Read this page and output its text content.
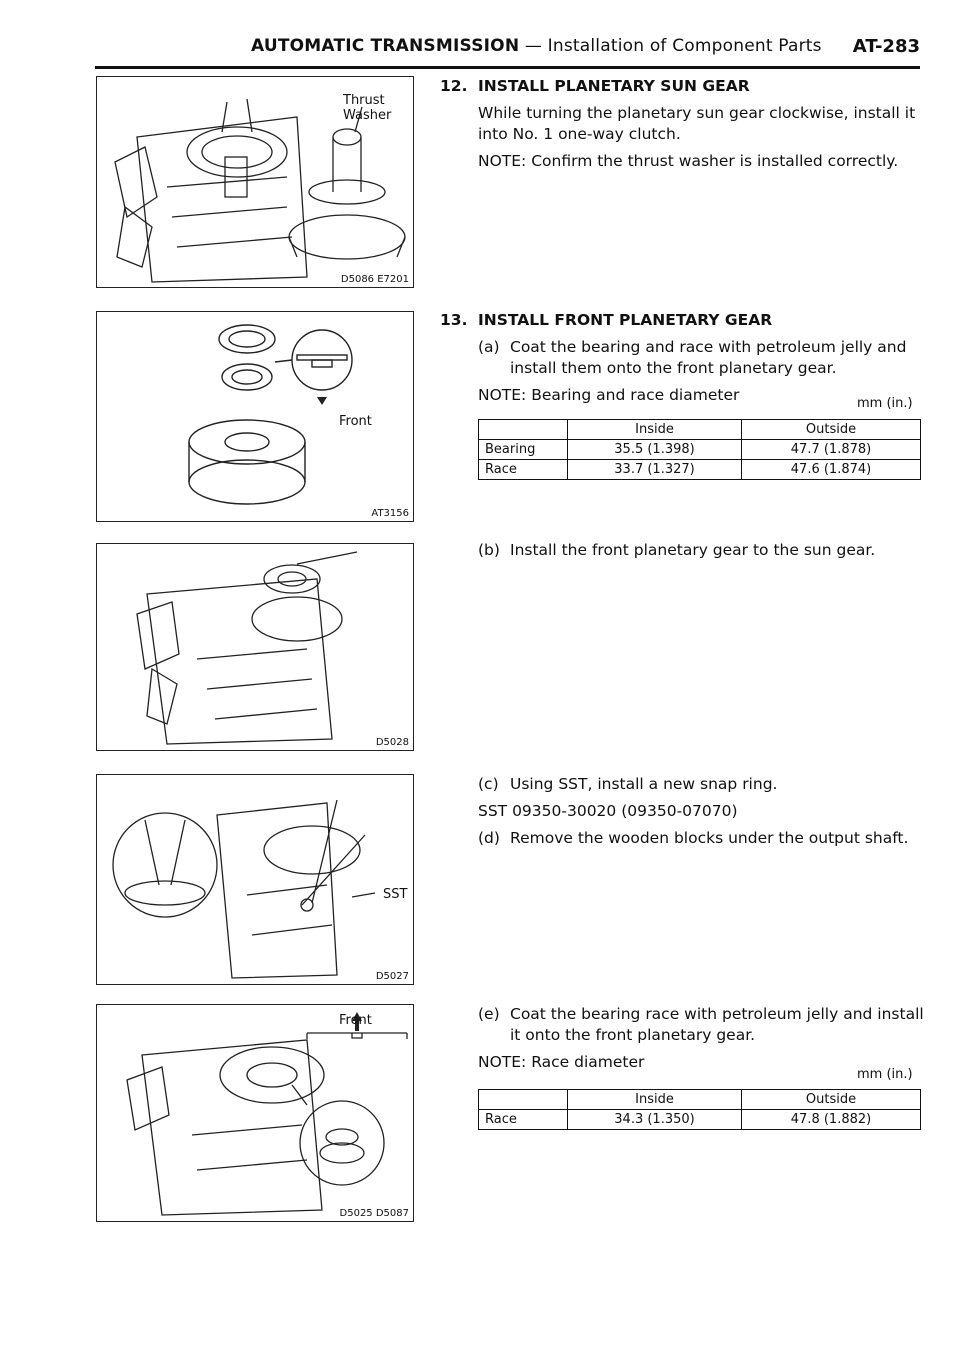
AUTOMATIC TRANSMISSION — Installation of Component Parts AT-283
Thrust
Washer
D5086 E7201
Front
AT3156
D5028
SST
D5027
Front
D5025 D5087
12. INSTALL PLANETARY SUN GEAR
While turning the planetary sun gear clockwise, install it into No. 1 one-way clutch.
NOTE: Confirm the thrust washer is installed correctly.
13. INSTALL FRONT PLANETARY GEAR
(a) Coat the bearing and race with petroleum jelly and install them onto the front planetary gear.
NOTE: Bearing and race diameter	mm (in.)
	Inside	Outside
Bearing	35.5 (1.398)	47.7 (1.878)
Race	33.7 (1.327)	47.6 (1.874)
(b) Install the front planetary gear to the sun gear.
(c) Using SST, install a new snap ring.
SST 09350-30020 (09350-07070)
(d) Remove the wooden blocks under the output shaft.
(e) Coat the bearing race with petroleum jelly and install it onto the front planetary gear.
NOTE: Race diameter
mm (in.)
	Inside	Outside
Race	34.3 (1.350)	47.8 (1.882)
